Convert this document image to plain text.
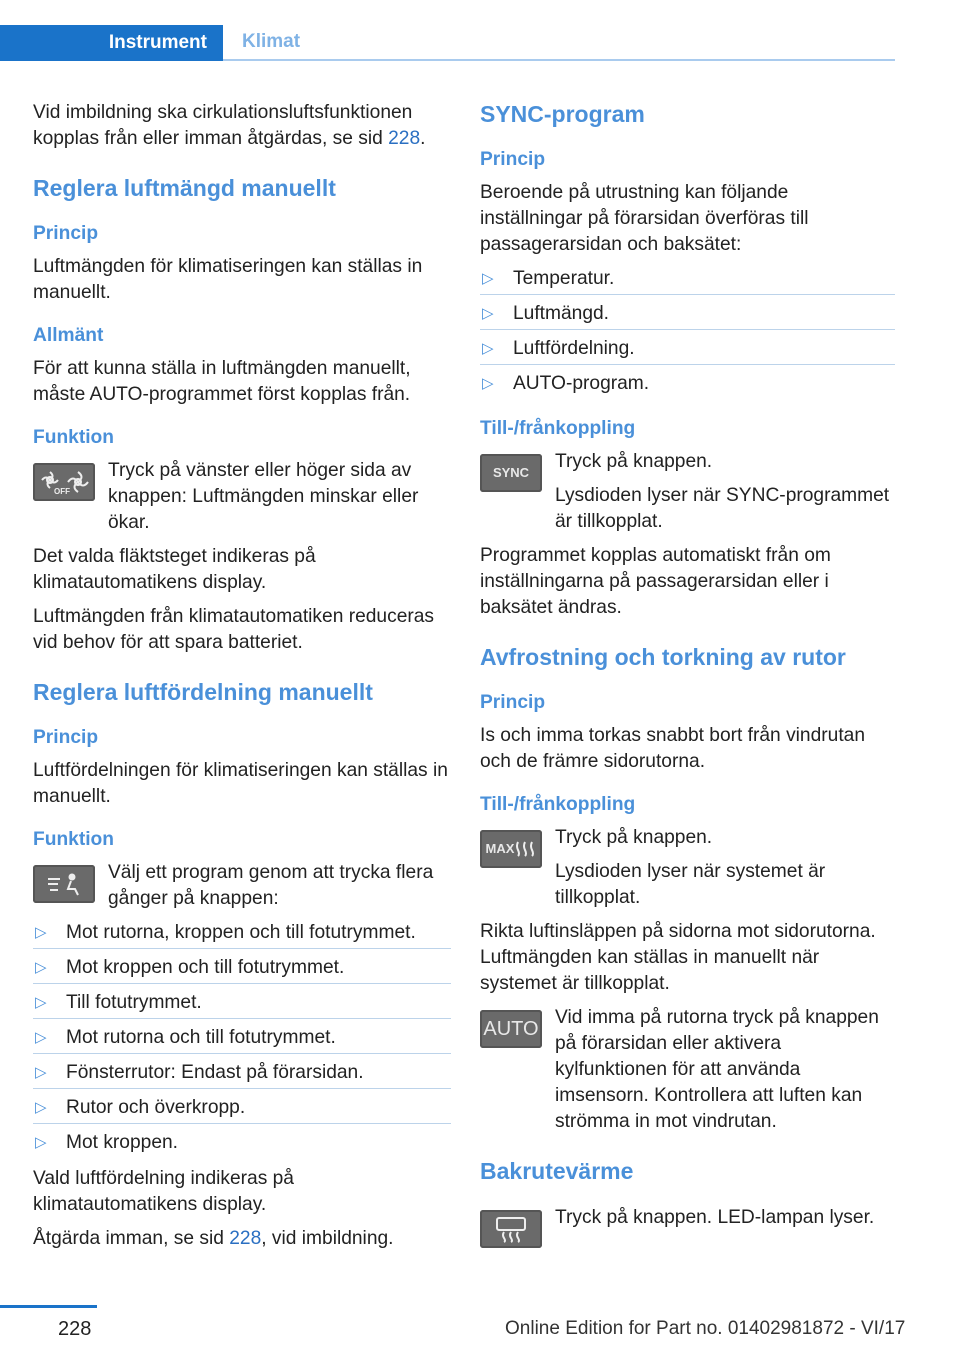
Instrument	Klimat

Vid imbildning ska cirkulationsluftsfunktionen kopplas från eller imman åtgärdas, se sid 228.

Reglera luftmängd manuellt
Princip

Luftmängden för klimatiseringen kan ställas in manuellt.

Allmänt

För att kunna ställa in luftmängden manuellt, måste AUTO-programmet först kopplas från.

Funktion
OFF

Tryck på vänster eller höger sida av knappen: Luftmängden minskar eller ökar.

Det valda fläktsteget indikeras på klimatautomatikens display.

Luftmängden från klimatautomatiken reduceras vid behov för att spara batteriet.

Reglera luftfördelning manuellt
Princip

Luftfördelningen för klimatiseringen kan ställas in manuellt.

Funktion

Välj ett program genom att trycka flera gånger på knappen:

▷ Mot rutorna, kroppen och till fotutrymmet.
▷ Mot kroppen och till fotutrymmet.
▷ Till fotutrymmet.
▷ Mot rutorna och till fotutrymmet.
▷ Fönsterrutor: Endast på förarsidan.
▷ Rutor och överkropp.
▷ Mot kroppen.

Vald luftfördelning indikeras på klimatautomatikens display.

Åtgärda imman, se sid 228, vid imbildning.

SYNC-program
Princip

Beroende på utrustning kan följande inställningar på förarsidan överföras till passagerarsidan och baksätet:

▷ Temperatur.
▷ Luftmängd.
▷ Luftfördelning.
▷ AUTO-program.
Till-/frånkoppling
SYNC

Tryck på knappen.

Lysdioden lyser när SYNC-programmet är tillkopplat.

Programmet kopplas automatiskt från om inställningarna på passagerarsidan eller i baksätet ändras.

Avfrostning och torkning av rutor
Princip

Is och imma torkas snabbt bort från vindrutan och de främre sidorutorna.

Till-/frånkoppling
MAX

Tryck på knappen.

Lysdioden lyser när systemet är tillkopplat.

Rikta luftinsläppen på sidorna mot sidorutorna. Luftmängden kan ställas in manuellt när systemet är tillkopplat.

AUTO

Vid imma på rutorna tryck på knappen på förarsidan eller aktivera kylfunktionen för att använda imsensorn. Kontrollera att luften kan strömma in mot vindrutan.

Bakrutevärme

Tryck på knappen. LED-lampan lyser.

228	Online Edition for Part no. 01402981872 - VI/17
